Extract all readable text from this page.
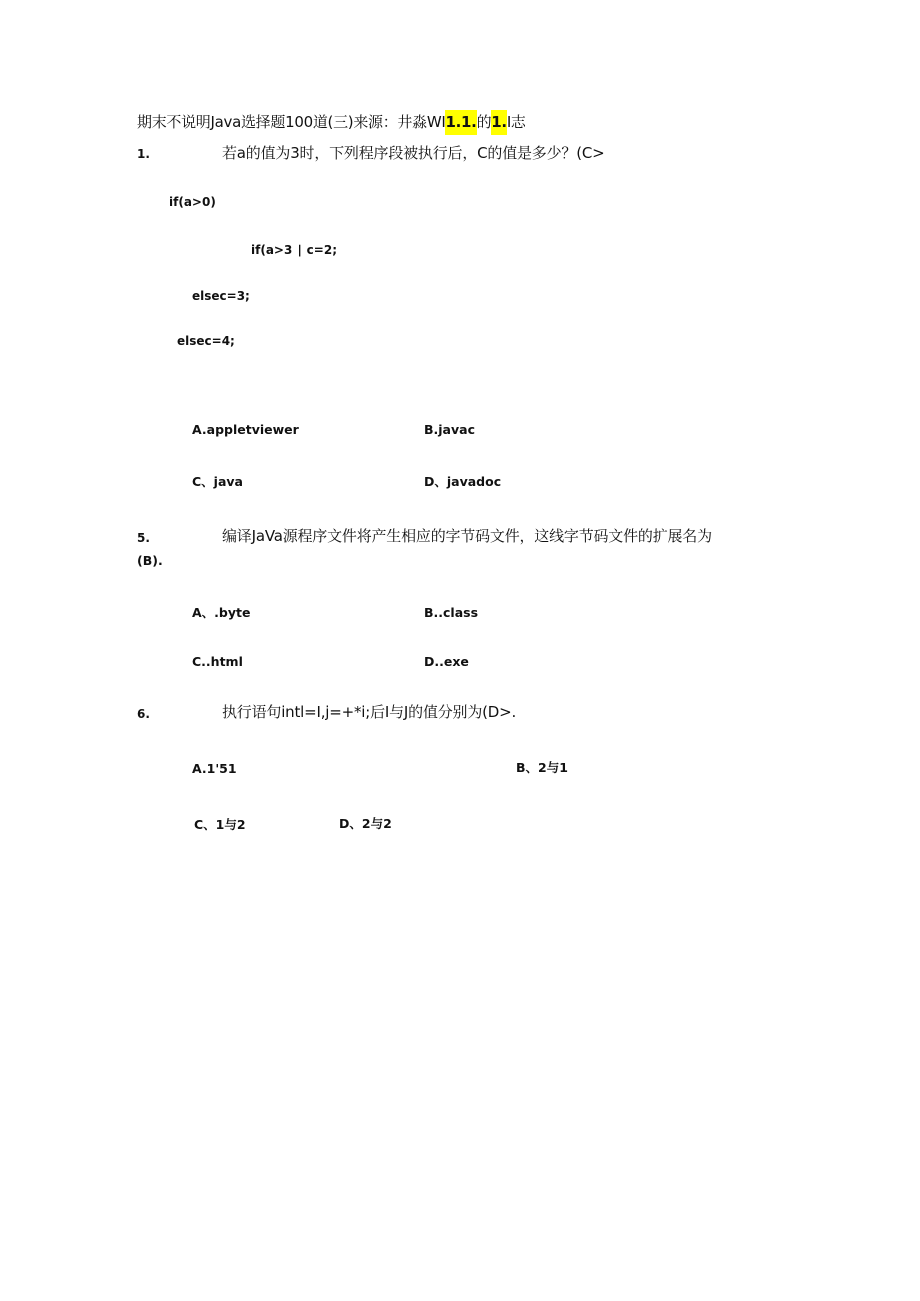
期末不说明Java选择题100道(三)来源：井淼WI1.1.的1.I志
1.	若a的值为3时，下列程序段被执行后，C的值是多少？(C>
if(a>0)
if(a>3 ∣ c=2;
elsec=3;
elsec=4;
A.appletviewer	B.javac
C、java	D、javadoc
5.	编译JaVa源程序文件将产生相应的字节码文件，这线字节码文件的扩展名为
(B).
A、.byte	B..class
C..html	D..exe
6.	执行语句intl=I,j=+*i;后I与J的值分别为(D>.
A.1'51	B、2与1
C、1与2	D、2与2
